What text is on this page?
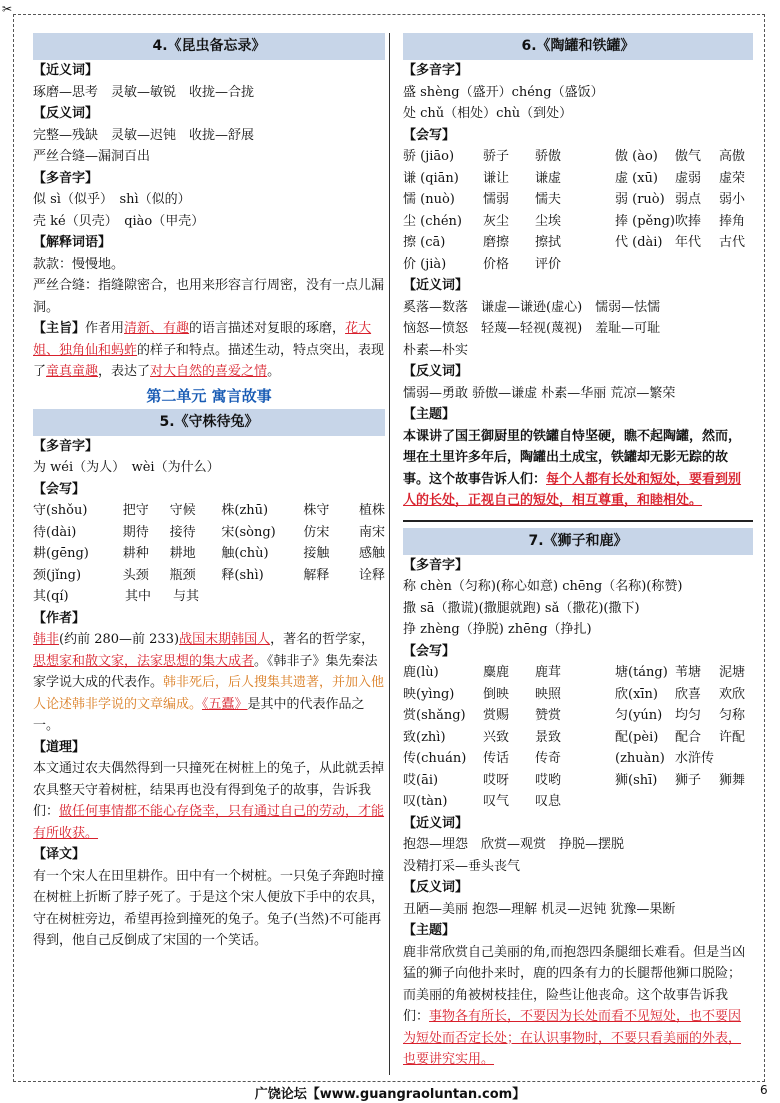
✂
4.《昆虫备忘录》
【近义词】

琢磨—思考　灵敏—敏锐　收拢—合拢

【反义词】

完整—残缺　灵敏—迟钝　收拢—舒展

严丝合缝—漏洞百出

【多音字】

似 sì（似乎）　shì（似的）

壳 ké（贝壳）　qiào（甲壳）

【解释词语】

款款：慢慢地。

严丝合缝：指缝隙密合，也用来形容言行周密，没有一点儿漏洞。

【主旨】作者用清新、有趣的语言描述对复眼的琢磨，花大姐、独角仙和蚂蚱的样子和特点。描述生动，特点突出，表现了童真童趣，表达了对大自然的喜爱之情。

第二单元 寓言故事
5.《守株待兔》
【多音字】

为 wéi（为人）　wèi（为什么）

【会写】
守(shǒu)	把守	守候	株(zhū)	株守	植株
待(dài)	期待	接待	宋(sòng)	仿宋	南宋
耕(gēng)	耕种	耕地	触(chù)	接触	感触
颈(jǐng)	头颈	瓶颈	释(shì)	解释	诠释
其(qí)	其中	与其
【作者】

韩非(约前 280—前 233)战国末期韩国人，著名的哲学家，思想家和散文家，法家思想的集大成者。《韩非子》集先秦法家学说大成的代表作。韩非死后，后人搜集其遗著，并加入他人论述韩非学说的文章编成。《五蠹》是其中的代表作品之一。

【道理】

本文通过农夫偶然得到一只撞死在树桩上的兔子，从此就丢掉农具整天守着树桩，结果再也没有得到兔子的故事，告诉我们：做任何事情都不能心存侥幸，只有通过自己的劳动，才能有所收获。

【译文】

有一个宋人在田里耕作。田中有一个树桩。一只兔子奔跑时撞在树桩上折断了脖子死了。于是这个宋人便放下手中的农具，守在树桩旁边，希望再捡到撞死的兔子。兔子(当然)不可能再得到，他自己反倒成了宋国的一个笑话。

6.《陶罐和铁罐》
【多音字】

盛 shèng（盛开）chéng（盛饭）

处 chǔ（相处）chù（到处）

【会写】
骄 (jiāo)	骄子	骄傲	傲 (ào)	傲气	高傲
谦 (qiān)	谦让	谦虚	虚 (xū)	虚弱	虚荣
懦 (nuò)	懦弱	懦夫	弱 (ruò) 弱点	弱小
尘 (chén)	灰尘	尘埃	捧 (pěng) 吹捧	捧角
擦 (cā)	磨擦	擦拭	代 (dài) 年代	古代
价 (jià)	价格	评价
【近义词】

奚落—数落　谦虚—谦逊(虚心)　懦弱—怯懦

恼怒—愤怒　轻蔑—轻视(蔑视)　羞耻—可耻

朴素—朴实

【反义词】

懦弱—勇敢 骄傲—谦虚 朴素—华丽 荒凉—繁荣

【主题】

本课讲了国王御厨里的铁罐自恃坚硬，瞧不起陶罐，然而，埋在土里许多年后，陶罐出土成宝，铁罐却无影无踪的故事。这个故事告诉人们：每个人都有长处和短处，要看到别人的长处，正视自己的短处，相互尊重，和睦相处。

7.《狮子和鹿》
【多音字】

称 chèn（匀称)(称心如意) chēng（名称)(称赞)

撒 sā（撒谎)(撒腿就跑) sǎ（撒花)(撒下)

挣 zhèng（挣脱) zhēng（挣扎)

【会写】
鹿(lù)	麋鹿	鹿茸	塘(táng) 苇塘	泥塘
映(yìng)	倒映	映照	欣(xīn)	欣喜	欢欣
赏(shǎng)	赏赐	赞赏	匀(yún) 均匀	匀称
致(zhì)	兴致	景致	配(pèi)	配合	许配
传(chuán)	传话	传奇	(zhuàn) 水浒传
哎(āi)	哎呀	哎哟	狮(shī)	狮子	狮舞
叹(tàn)	叹气	叹息
【近义词】

抱怨—埋怨　欣赏—观赏　挣脱—摆脱

没精打采—垂头丧气

【反义词】

丑陋—美丽 抱怨—理解 机灵—迟钝 犹豫—果断

【主题】

鹿非常欣赏自己美丽的角,而抱怨四条腿细长难看。但是当凶猛的狮子向他扑来时，鹿的四条有力的长腿帮他狮口脱险；而美丽的角被树枝挂住，险些让他丧命。这个故事告诉我们：事物各有所长，不要因为长处而看不见短处，也不要因为短处而否定长处；在认识事物时，不要只看美丽的外表，也要讲究实用。

广饶论坛【www.guangraoluntan.com】	6
